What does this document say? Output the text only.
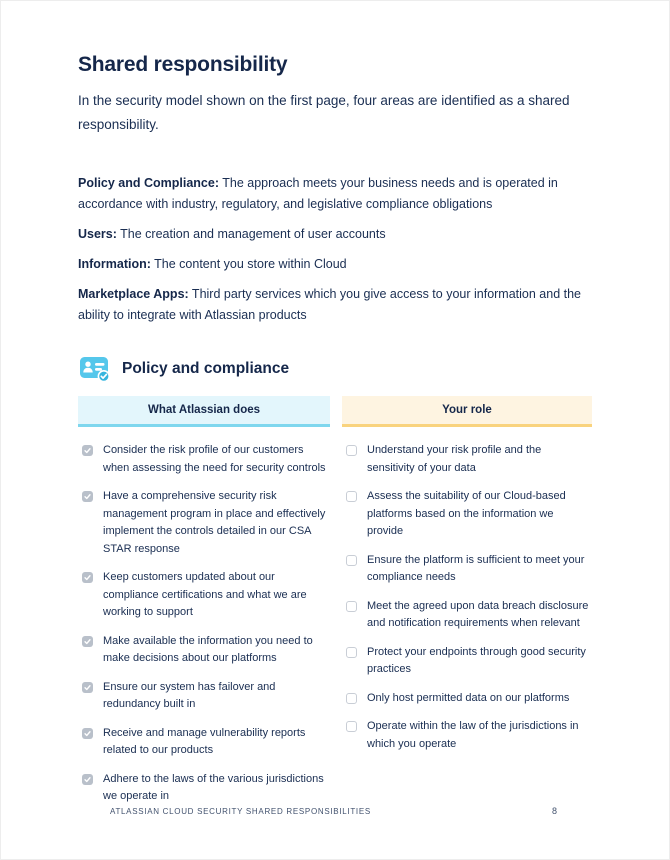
Shared responsibility

In the security model shown on the first page, four areas are identified as a shared responsibility.

Policy and Compliance: The approach meets your business needs and is operated in accordance with industry, regulatory, and legislative compliance obligations

Users: The creation and management of user accounts

Information: The content you store within Cloud

Marketplace Apps: Third party services which you give access to your information and the ability to integrate with Atlassian products

Policy and compliance
What Atlassian does
Consider the risk profile of our customers when assessing the need for security controls
Have a comprehensive security risk management program in place and effectively implement the controls detailed in our CSA STAR response
Keep customers updated about our compliance certifications and what we are working to support
Make available the information you need to make decisions about our platforms
Ensure our system has failover and redundancy built in
Receive and manage vulnerability reports related to our products
Adhere to the laws of the various jurisdictions we operate in
Your role
Understand your risk profile and the sensitivity of your data
Assess the suitability of our Cloud-based platforms based on the information we provide
Ensure the platform is sufficient to meet your compliance needs
Meet the agreed upon data breach disclosure and notification requirements when relevant
Protect your endpoints through good security practices
Only host permitted data on our platforms
Operate within the law of the jurisdictions in which you operate
ATLASSIAN CLOUD SECURITY SHARED RESPONSIBILITIES	8
